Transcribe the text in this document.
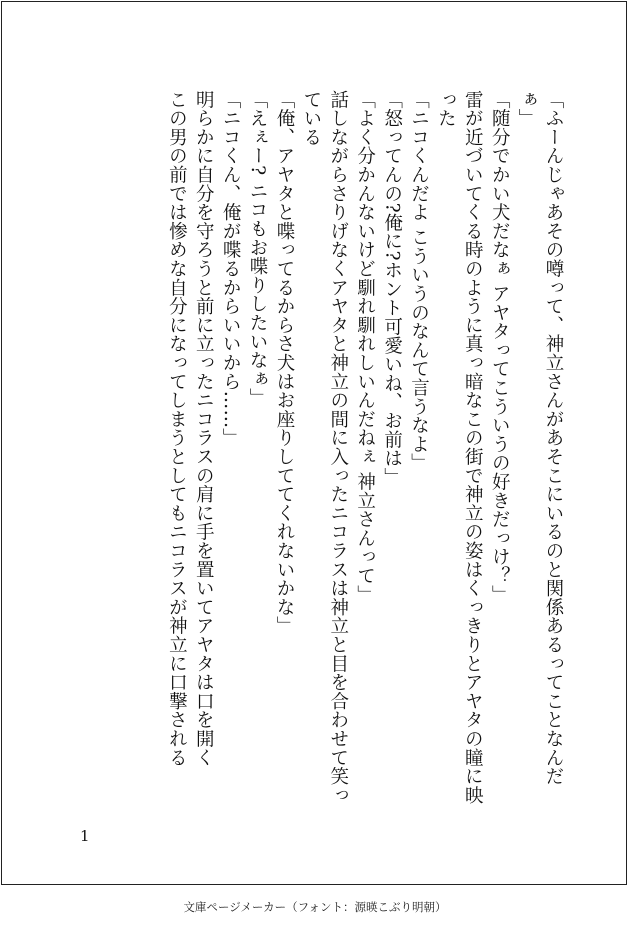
「ふーんじゃあその噂って、神立さんがあそこにいるのと関係あるってことなんだぁ」

「随分でかい犬だなぁ アヤタってこういうの好きだっけ？」

雷が近づいてくる時のように真っ暗なこの街で神立の姿はくっきりとアヤタの瞳に映った

「ニコくんだよ こういうのなんて言うなよ」

「怒ってんの?俺に?ホント可愛いね、お前は」

「よく分かんないけど馴れ馴れしいんだねぇ 神立さんって」

話しながらさりげなくアヤタと神立の間に入ったニコラスは神立と目を合わせて笑っている

「俺、アヤタと喋ってるからさ犬はお座りしててくれないかな」

「えぇー? ニコもお喋りしたいなぁ」

「ニコくん、俺が喋るからいいから……」

明らかに自分を守ろうと前に立ったニコラスの肩に手を置いてアヤタは口を開く

この男の前では惨めな自分になってしまうとしてもニコラスが神立に口撃される

1
文庫ページメーカー（フォント：源暎こぶり明朝）
